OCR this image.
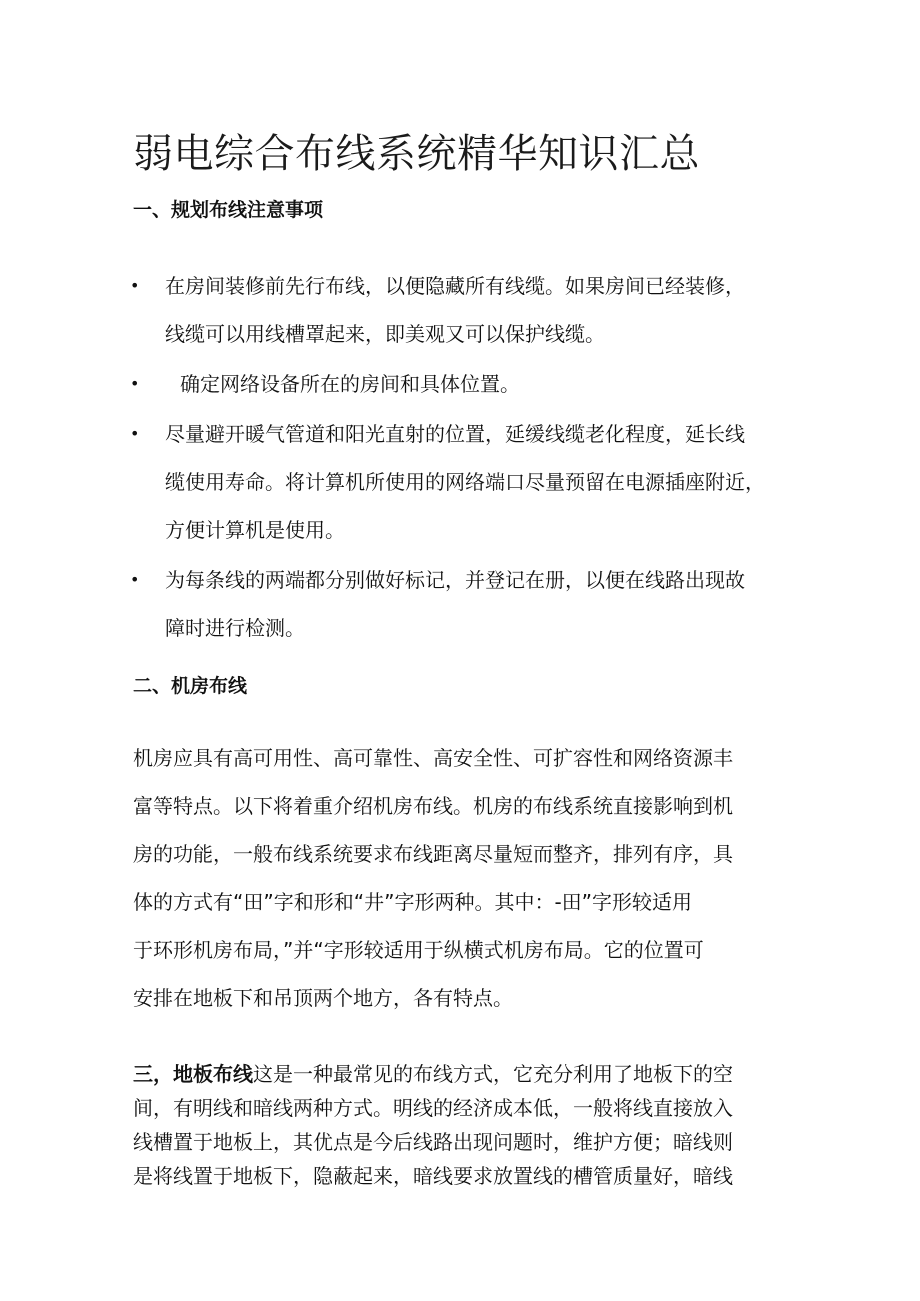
弱电综合布线系统精华知识汇总
一、规划布线注意事项
• 在房间装修前先行布线，以便隐藏所有线缆。如果房间已经装修，
线缆可以用线槽罩起来，即美观又可以保护线缆。
• 确定网络设备所在的房间和具体位置。
• 尽量避开暖气管道和阳光直射的位置，延缓线缆老化程度，延长线
缆使用寿命。将计算机所使用的网络端口尽量预留在电源插座附近，
方便计算机是使用。
• 为每条线的两端都分别做好标记，并登记在册，以便在线路出现故
障时进行检测。
二、机房布线

机房应具有高可用性、高可靠性、高安全性、可扩容性和网络资源丰
富等特点。以下将着重介绍机房布线。机房的布线系统直接影响到机
房的功能，一般布线系统要求布线距离尽量短而整齐，排列有序，具
体的方式有“田”字和形和“井”字形两种。其中：-田”字形较适用
于环形机房布局，”并“字形较适用于纵横式机房布局。它的位置可
安排在地板下和吊顶两个地方，各有特点。

三，地板布线这是一种最常见的布线方式，它充分利用了地板下的空
间，有明线和暗线两种方式。明线的经济成本低，一般将线直接放入
线槽置于地板上，其优点是今后线路出现问题时，维护方便；暗线则
是将线置于地板下，隐蔽起来，暗线要求放置线的槽管质量好，暗线
